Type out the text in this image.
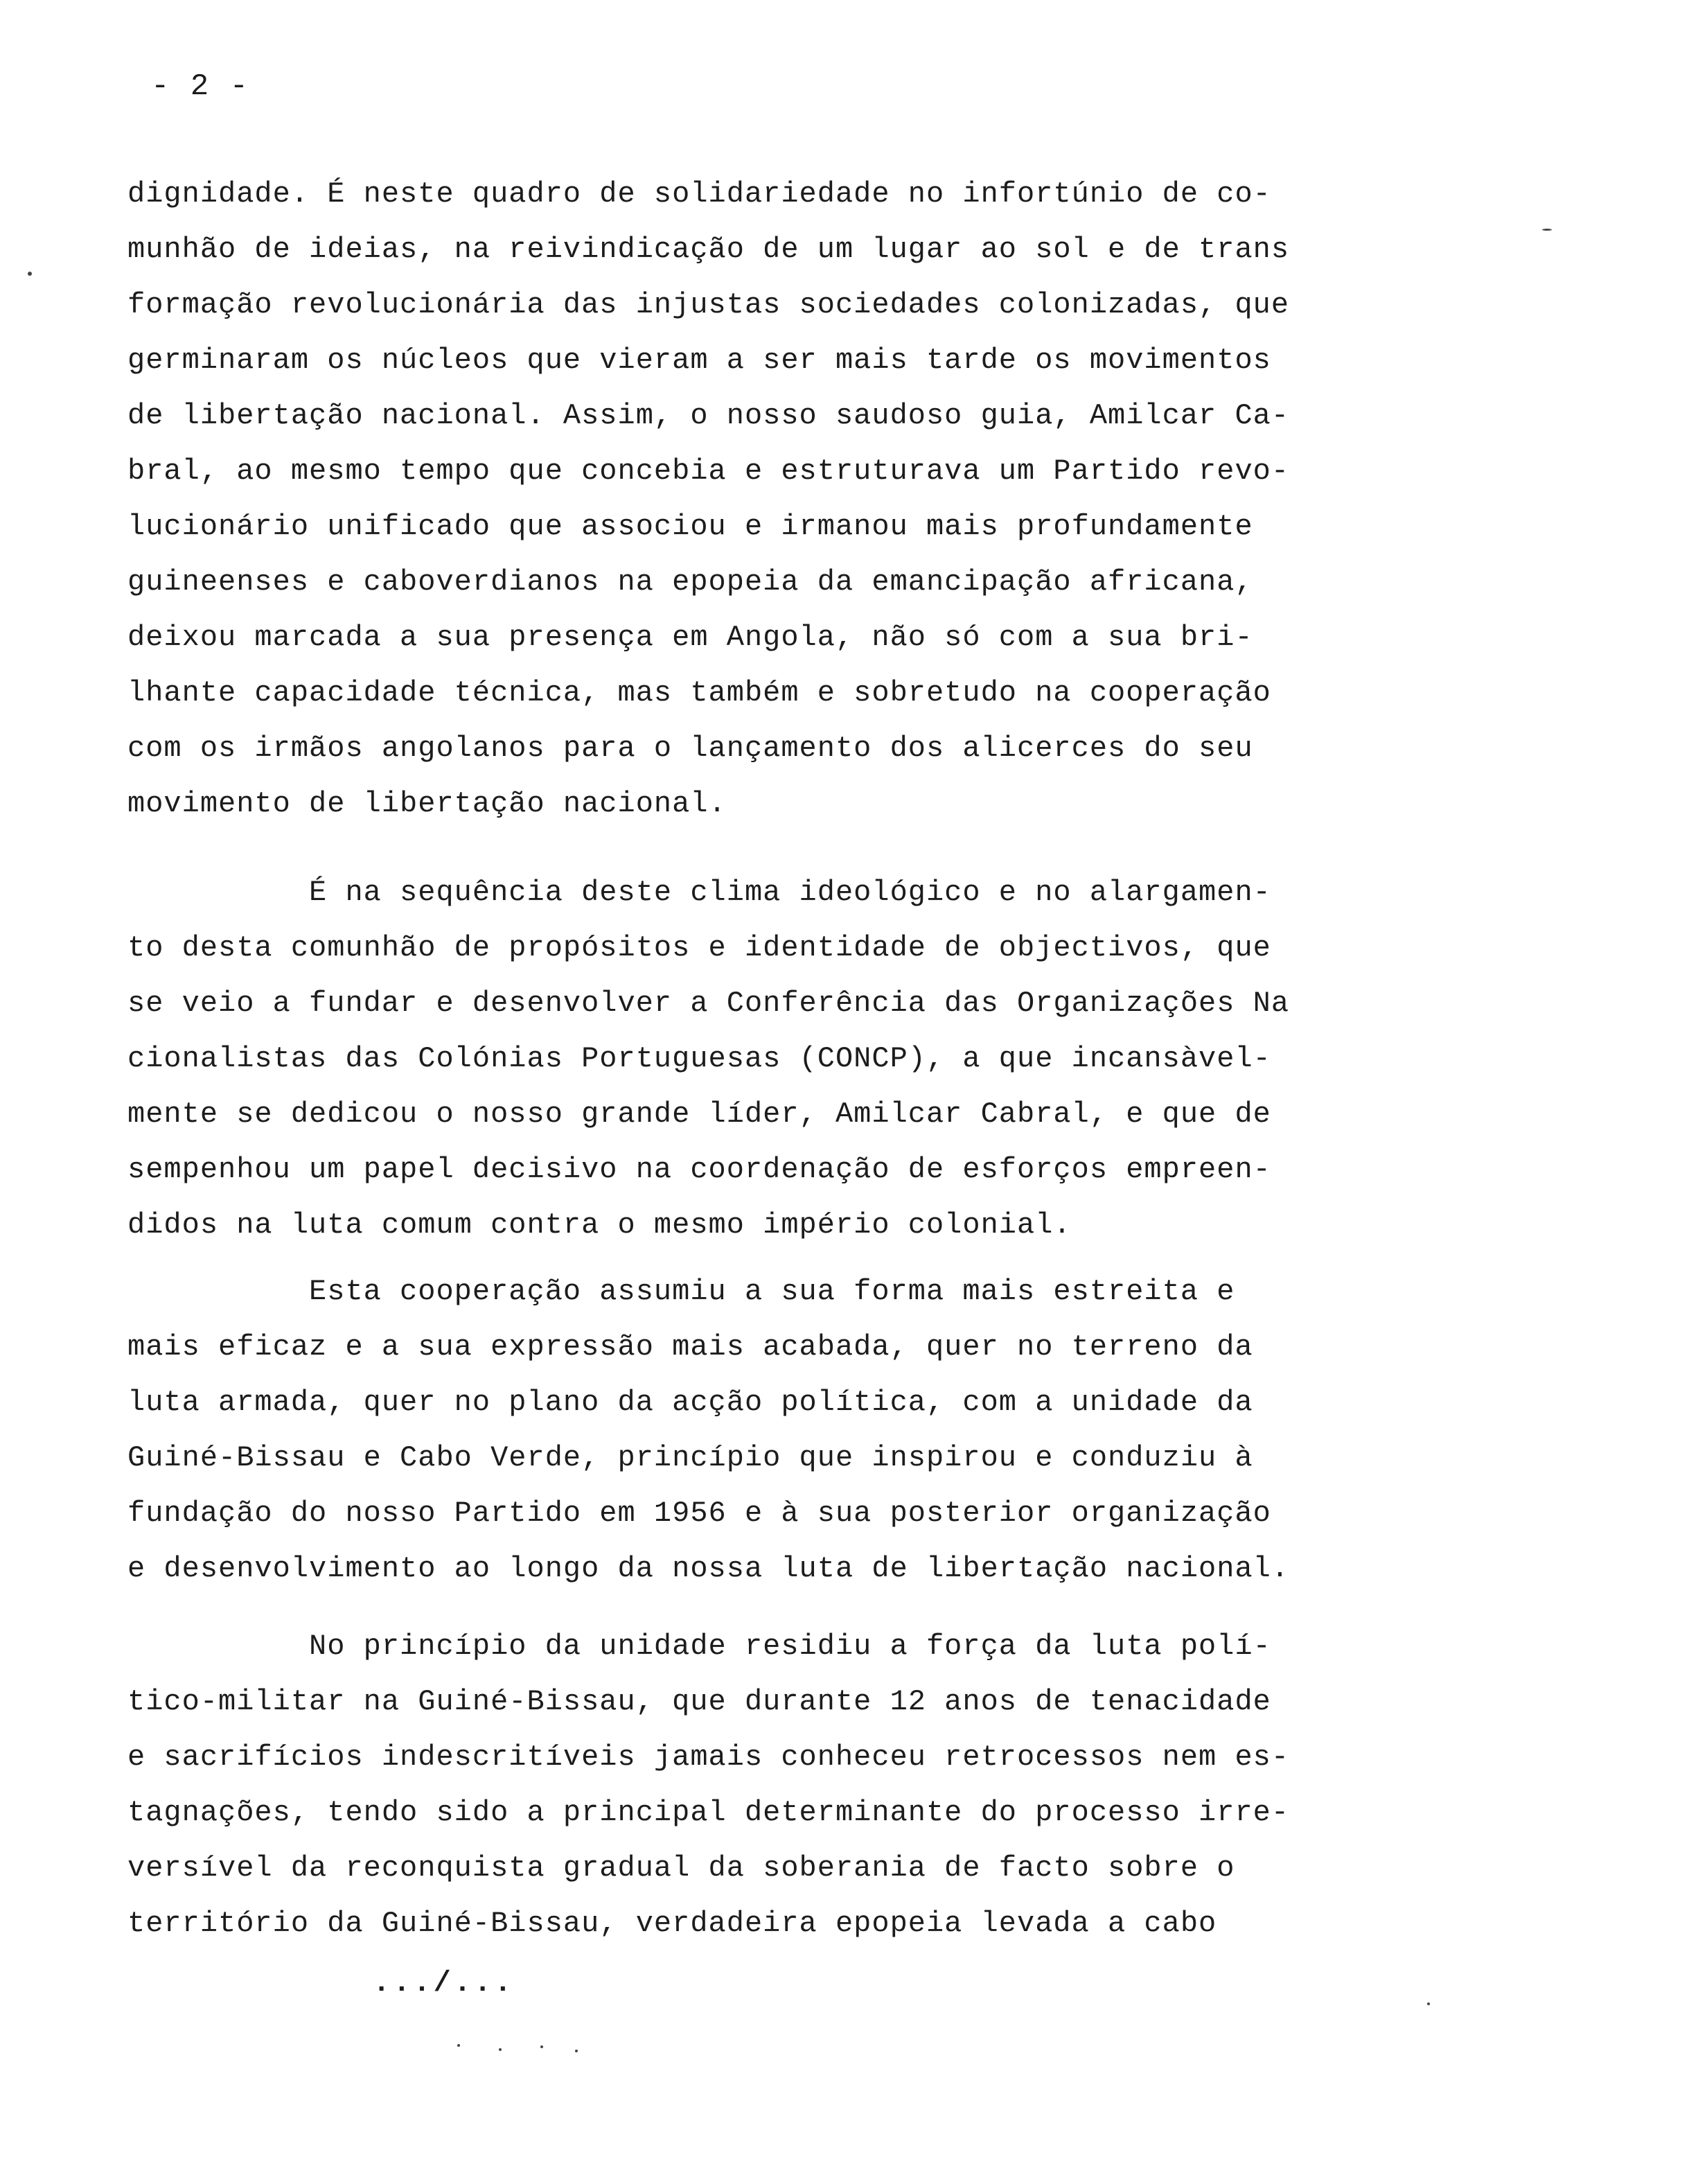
- 2 -
dignidade. É neste quadro de solidariedade no infortúnio de co-
munhão de ideias, na reivindicação de um lugar ao sol e de trans
formação revolucionária das injustas sociedades colonizadas, que
germinaram os núcleos que vieram a ser mais tarde os movimentos
de libertação nacional. Assim, o nosso saudoso guia, Amilcar Ca-
bral, ao mesmo tempo que concebia e estruturava um Partido revo-
lucionário unificado que associou e irmanou mais profundamente
guineenses e caboverdianos na epopeia da emancipação africana,
deixou marcada a sua presença em Angola, não só com a sua bri-
lhante capacidade técnica, mas também e sobretudo na cooperação
com os irmãos angolanos para o lançamento dos alicerces do seu
movimento de libertação nacional.
É na sequência deste clima ideológico e no alargamen-
to desta comunhão de propósitos e identidade de objectivos, que
se veio a fundar e desenvolver a Conferência das Organizações Na
cionalistas das Colónias Portuguesas (CONCP), a que incansàvel-
mente se dedicou o nosso grande líder, Amilcar Cabral, e que de
sempenhou um papel decisivo na coordenação de esforços empreen-
didos na luta comum contra o mesmo império colonial.
Esta cooperação assumiu a sua forma mais estreita e
mais eficaz e a sua expressão mais acabada, quer no terreno da
luta armada, quer no plano da acção política, com a unidade da
Guiné-Bissau e Cabo Verde, princípio que inspirou e conduziu à
fundação do nosso Partido em 1956 e à sua posterior organização
e desenvolvimento ao longo da nossa luta de libertação nacional.
No princípio da unidade residiu a força da luta polí-
tico-militar na Guiné-Bissau, que durante 12 anos de tenacidade
e sacrifícios indescritíveis jamais conheceu retrocessos nem es-
tagnações, tendo sido a principal determinante do processo irre-
versível da reconquista gradual da soberania de facto sobre o
território da Guiné-Bissau, verdadeira epopeia levada a cabo
.../...
